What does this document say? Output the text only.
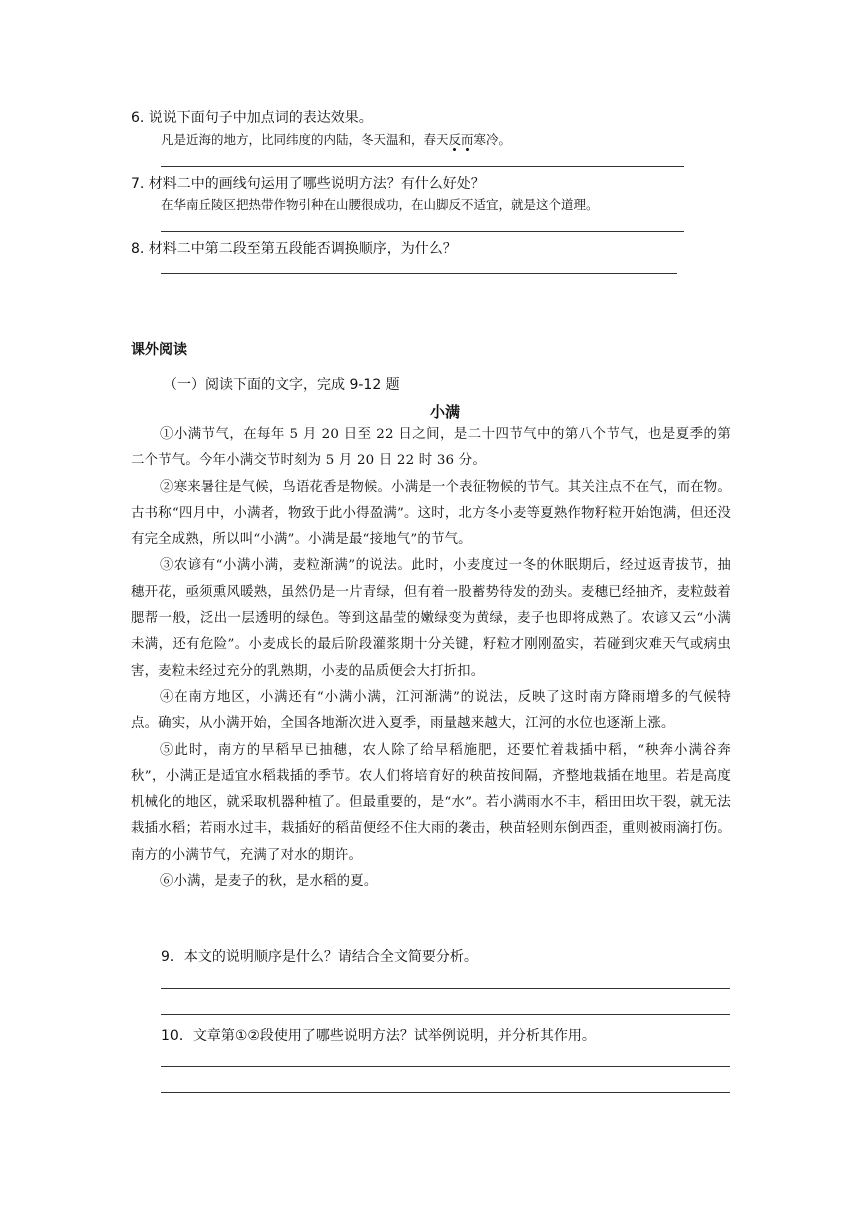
6. 说说下面句子中加点词的表达效果。
凡是近海的地方，比同纬度的内陆，冬天温和，春天反而寒冷。
7. 材料二中的画线句运用了哪些说明方法？有什么好处？
在华南丘陵区把热带作物引种在山腰很成功，在山脚反不适宜，就是这个道理。
8. 材料二中第二段至第五段能否调换顺序，为什么？
课外阅读
（一）阅读下面的文字，完成 9-12 题
小满

①小满节气，在每年 5 月 20 日至 22 日之间，是二十四节气中的第八个节气，也是夏季的第二个节气。今年小满交节时刻为 5 月 20 日 22 时 36 分。

②寒来暑往是气候，鸟语花香是物候。小满是一个表征物候的节气。其关注点不在气，而在物。古书称“四月中，小满者，物致于此小得盈满”。这时，北方冬小麦等夏熟作物籽粒开始饱满，但还没有完全成熟，所以叫“小满”。小满是最“接地气”的节气。

③农谚有“小满小满，麦粒渐满”的说法。此时，小麦度过一冬的休眠期后，经过返青拔节，抽穗开花，亟须熏风暖熟，虽然仍是一片青绿，但有着一股蓄势待发的劲头。麦穗已经抽齐，麦粒鼓着腮帮一般，泛出一层透明的绿色。等到这晶莹的嫩绿变为黄绿，麦子也即将成熟了。农谚又云“小满未满，还有危险”。小麦成长的最后阶段灌浆期十分关键，籽粒才刚刚盈实，若碰到灾难天气或病虫害，麦粒未经过充分的乳熟期，小麦的品质便会大打折扣。

④在南方地区，小满还有“小满小满，江河渐满”的说法，反映了这时南方降雨增多的气候特点。确实，从小满开始，全国各地渐次进入夏季，雨量越来越大，江河的水位也逐渐上涨。

⑤此时，南方的早稻早已抽穗，农人除了给早稻施肥，还要忙着栽插中稻，“秧奔小满谷奔秋”，小满正是适宜水稻栽插的季节。农人们将培育好的秧苗按间隔，齐整地栽插在地里。若是高度机械化的地区，就采取机器种植了。但最重要的，是“水”。若小满雨水不丰，稻田田坎干裂，就无法栽插水稻；若雨水过丰，栽插好的稻苗便经不住大雨的袭击，秧苗轻则东倒西歪，重则被雨滴打伤。南方的小满节气，充满了对水的期许。

⑥小满，是麦子的秋，是水稻的夏。

9．本文的说明顺序是什么？请结合全文简要分析。
10．文章第①②段使用了哪些说明方法？试举例说明，并分析其作用。
